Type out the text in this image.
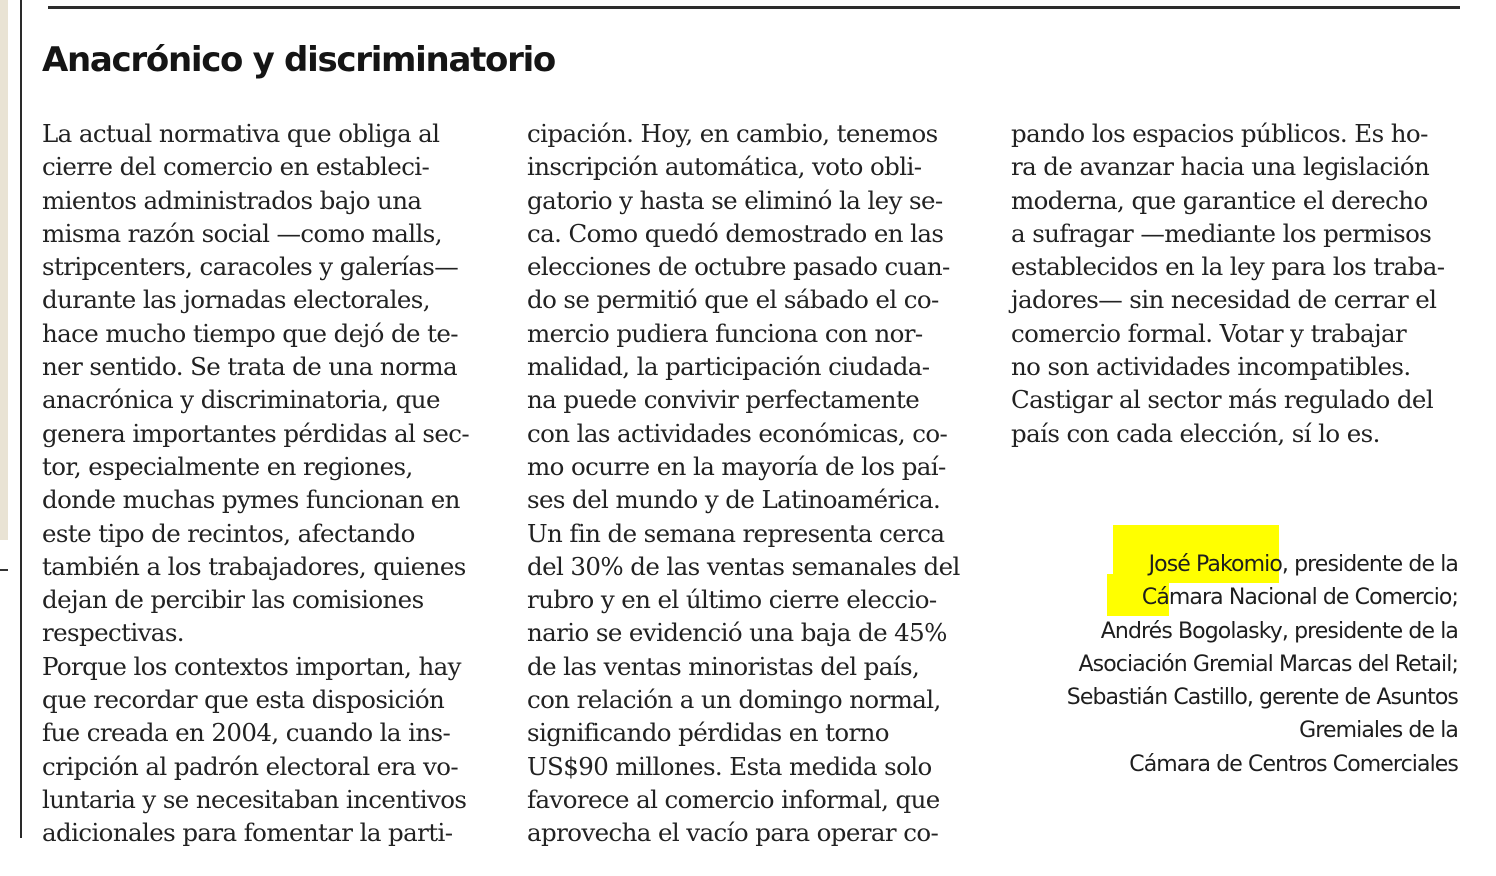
Anacrónico y discriminatorio
La actual normativa que obliga al
cierre del comercio en estableci-
mientos administrados bajo una
misma razón social —como malls,
stripcenters, caracoles y galerías—
durante las jornadas electorales,
hace mucho tiempo que dejó de te-
ner sentido. Se trata de una norma
anacrónica y discriminatoria, que
genera importantes pérdidas al sec-
tor, especialmente en regiones,
donde muchas pymes funcionan en
este tipo de recintos, afectando
también a los trabajadores, quienes
dejan de percibir las comisiones
respectivas.
Porque los contextos importan, hay
que recordar que esta disposición
fue creada en 2004, cuando la ins-
cripción al padrón electoral era vo-
luntaria y se necesitaban incentivos
adicionales para fomentar la parti-
cipación. Hoy, en cambio, tenemos
inscripción automática, voto obli-
gatorio y hasta se eliminó la ley se-
ca. Como quedó demostrado en las
elecciones de octubre pasado cuan-
do se permitió que el sábado el co-
mercio pudiera funciona con nor-
malidad, la participación ciudada-
na puede convivir perfectamente
con las actividades económicas, co-
mo ocurre en la mayoría de los paí-
ses del mundo y de Latinoamérica.
Un fin de semana representa cerca
del 30% de las ventas semanales del
rubro y en el último cierre eleccio-
nario se evidenció una baja de 45%
de las ventas minoristas del país,
con relación a un domingo normal,
significando pérdidas en torno
US$90 millones. Esta medida solo
favorece al comercio informal, que
aprovecha el vacío para operar co-
pando los espacios públicos. Es ho-
ra de avanzar hacia una legislación
moderna, que garantice el derecho
a sufragar —mediante los permisos
establecidos en la ley para los traba-
jadores— sin necesidad de cerrar el
comercio formal. Votar y trabajar
no son actividades incompatibles.
Castigar al sector más regulado del
país con cada elección, sí lo es.
José Pakomio, presidente de la
Cámara Nacional de Comercio;
Andrés Bogolasky, presidente de la
Asociación Gremial Marcas del Retail;
Sebastián Castillo, gerente de Asuntos
Gremiales de la
Cámara de Centros Comerciales
